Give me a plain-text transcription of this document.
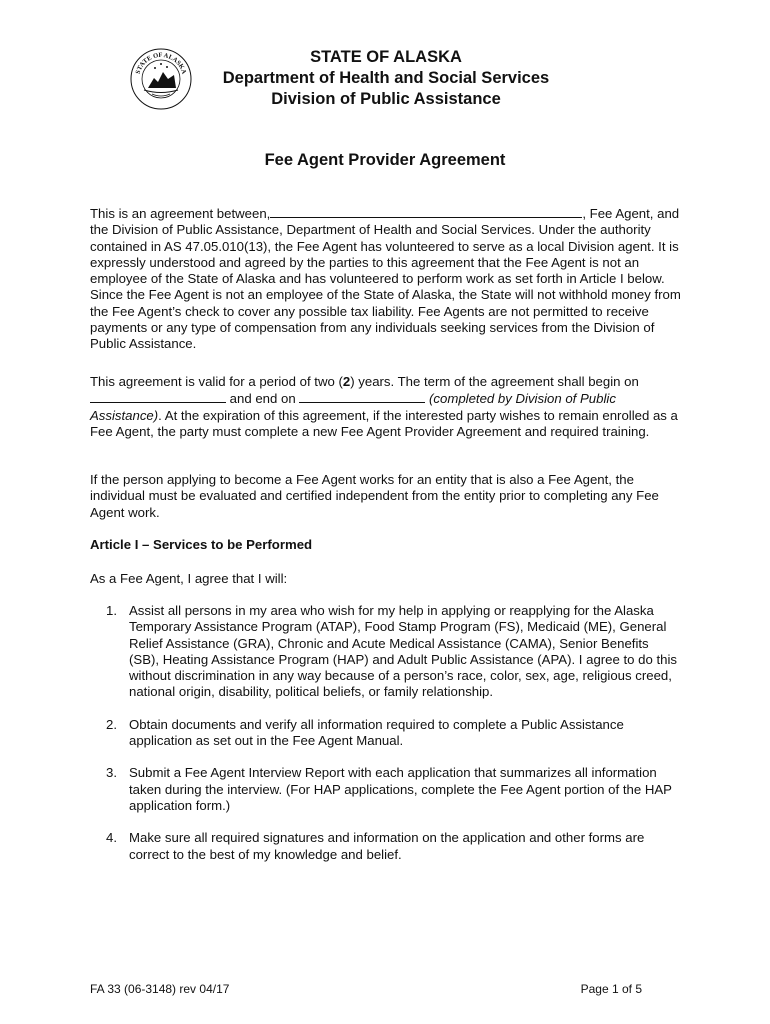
STATE OF ALASKA
STATE OF ALASKA
Department of Health and Social Services
Division of Public Assistance
Fee Agent Provider Agreement
This is an agreement between,	, Fee Agent, and the Division of Public Assistance, Department of Health and Social Services. Under the authority contained in AS 47.05.010(13), the Fee Agent has volunteered to serve as a local Division agent. It is expressly understood and agreed by the parties to this agreement that the Fee Agent is not an employee of the State of Alaska and has volunteered to perform work as set forth in Article I below. Since the Fee Agent is not an employee of the State of Alaska, the State will not withhold money from the Fee Agent’s check to cover any possible tax liability. Fee Agents are not permitted to receive payments or any type of compensation from any individuals seeking services from the Division of Public Assistance.
This agreement is valid for a period of two (2) years. The term of the agreement shall begin on  and end on	(completed by Division of Public Assistance). At the expiration of this agreement, if the interested party wishes to remain enrolled as a Fee Agent, the party must complete a new Fee Agent Provider Agreement and required training.
If the person applying to become a Fee Agent works for an entity that is also a Fee Agent, the individual must be evaluated and certified independent from the entity prior to completing any Fee Agent work.
Article I – Services to be Performed
As a Fee Agent, I agree that I will:
1. Assist all persons in my area who wish for my help in applying or reapplying for the Alaska Temporary Assistance Program (ATAP), Food Stamp Program (FS), Medicaid (ME), General Relief Assistance (GRA), Chronic and Acute Medical Assistance (CAMA), Senior Benefits (SB), Heating Assistance Program (HAP) and Adult Public Assistance (APA). I agree to do this without discrimination in any way because of a person’s race, color, sex, age, religious creed, national origin, disability, political beliefs, or family relationship.
2. Obtain documents and verify all information required to complete a Public Assistance application as set out in the Fee Agent Manual.
3. Submit a Fee Agent Interview Report with each application that summarizes all information taken during the interview. (For HAP applications, complete the Fee Agent portion of the HAP application form.)
4. Make sure all required signatures and information on the application and other forms are correct to the best of my knowledge and belief.
FA 33 (06-3148) rev 04/17	Page 1 of 5
